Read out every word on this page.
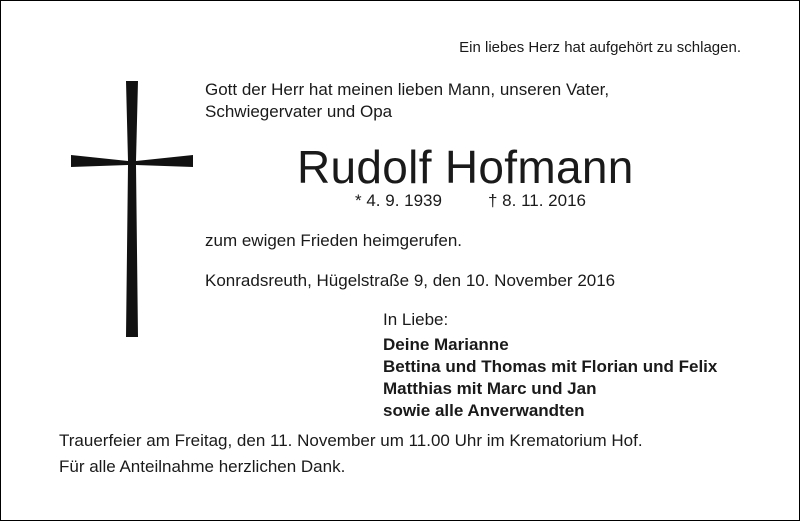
Ein liebes Herz hat aufgehört zu schlagen.
Gott der Herr hat meinen lieben Mann, unseren Vater,
Schwiegervater und Opa
Rudolf Hofmann
* 4. 9. 1939	† 8. 11. 2016
zum ewigen Frieden heimgerufen.
Konradsreuth, Hügelstraße 9, den 10. November 2016
In Liebe:
Deine Marianne
Bettina und Thomas mit Florian und Felix
Matthias mit Marc und Jan
sowie alle Anverwandten
Trauerfeier am Freitag, den 11. November um 11.00 Uhr im Krematorium Hof.
Für alle Anteilnahme herzlichen Dank.
